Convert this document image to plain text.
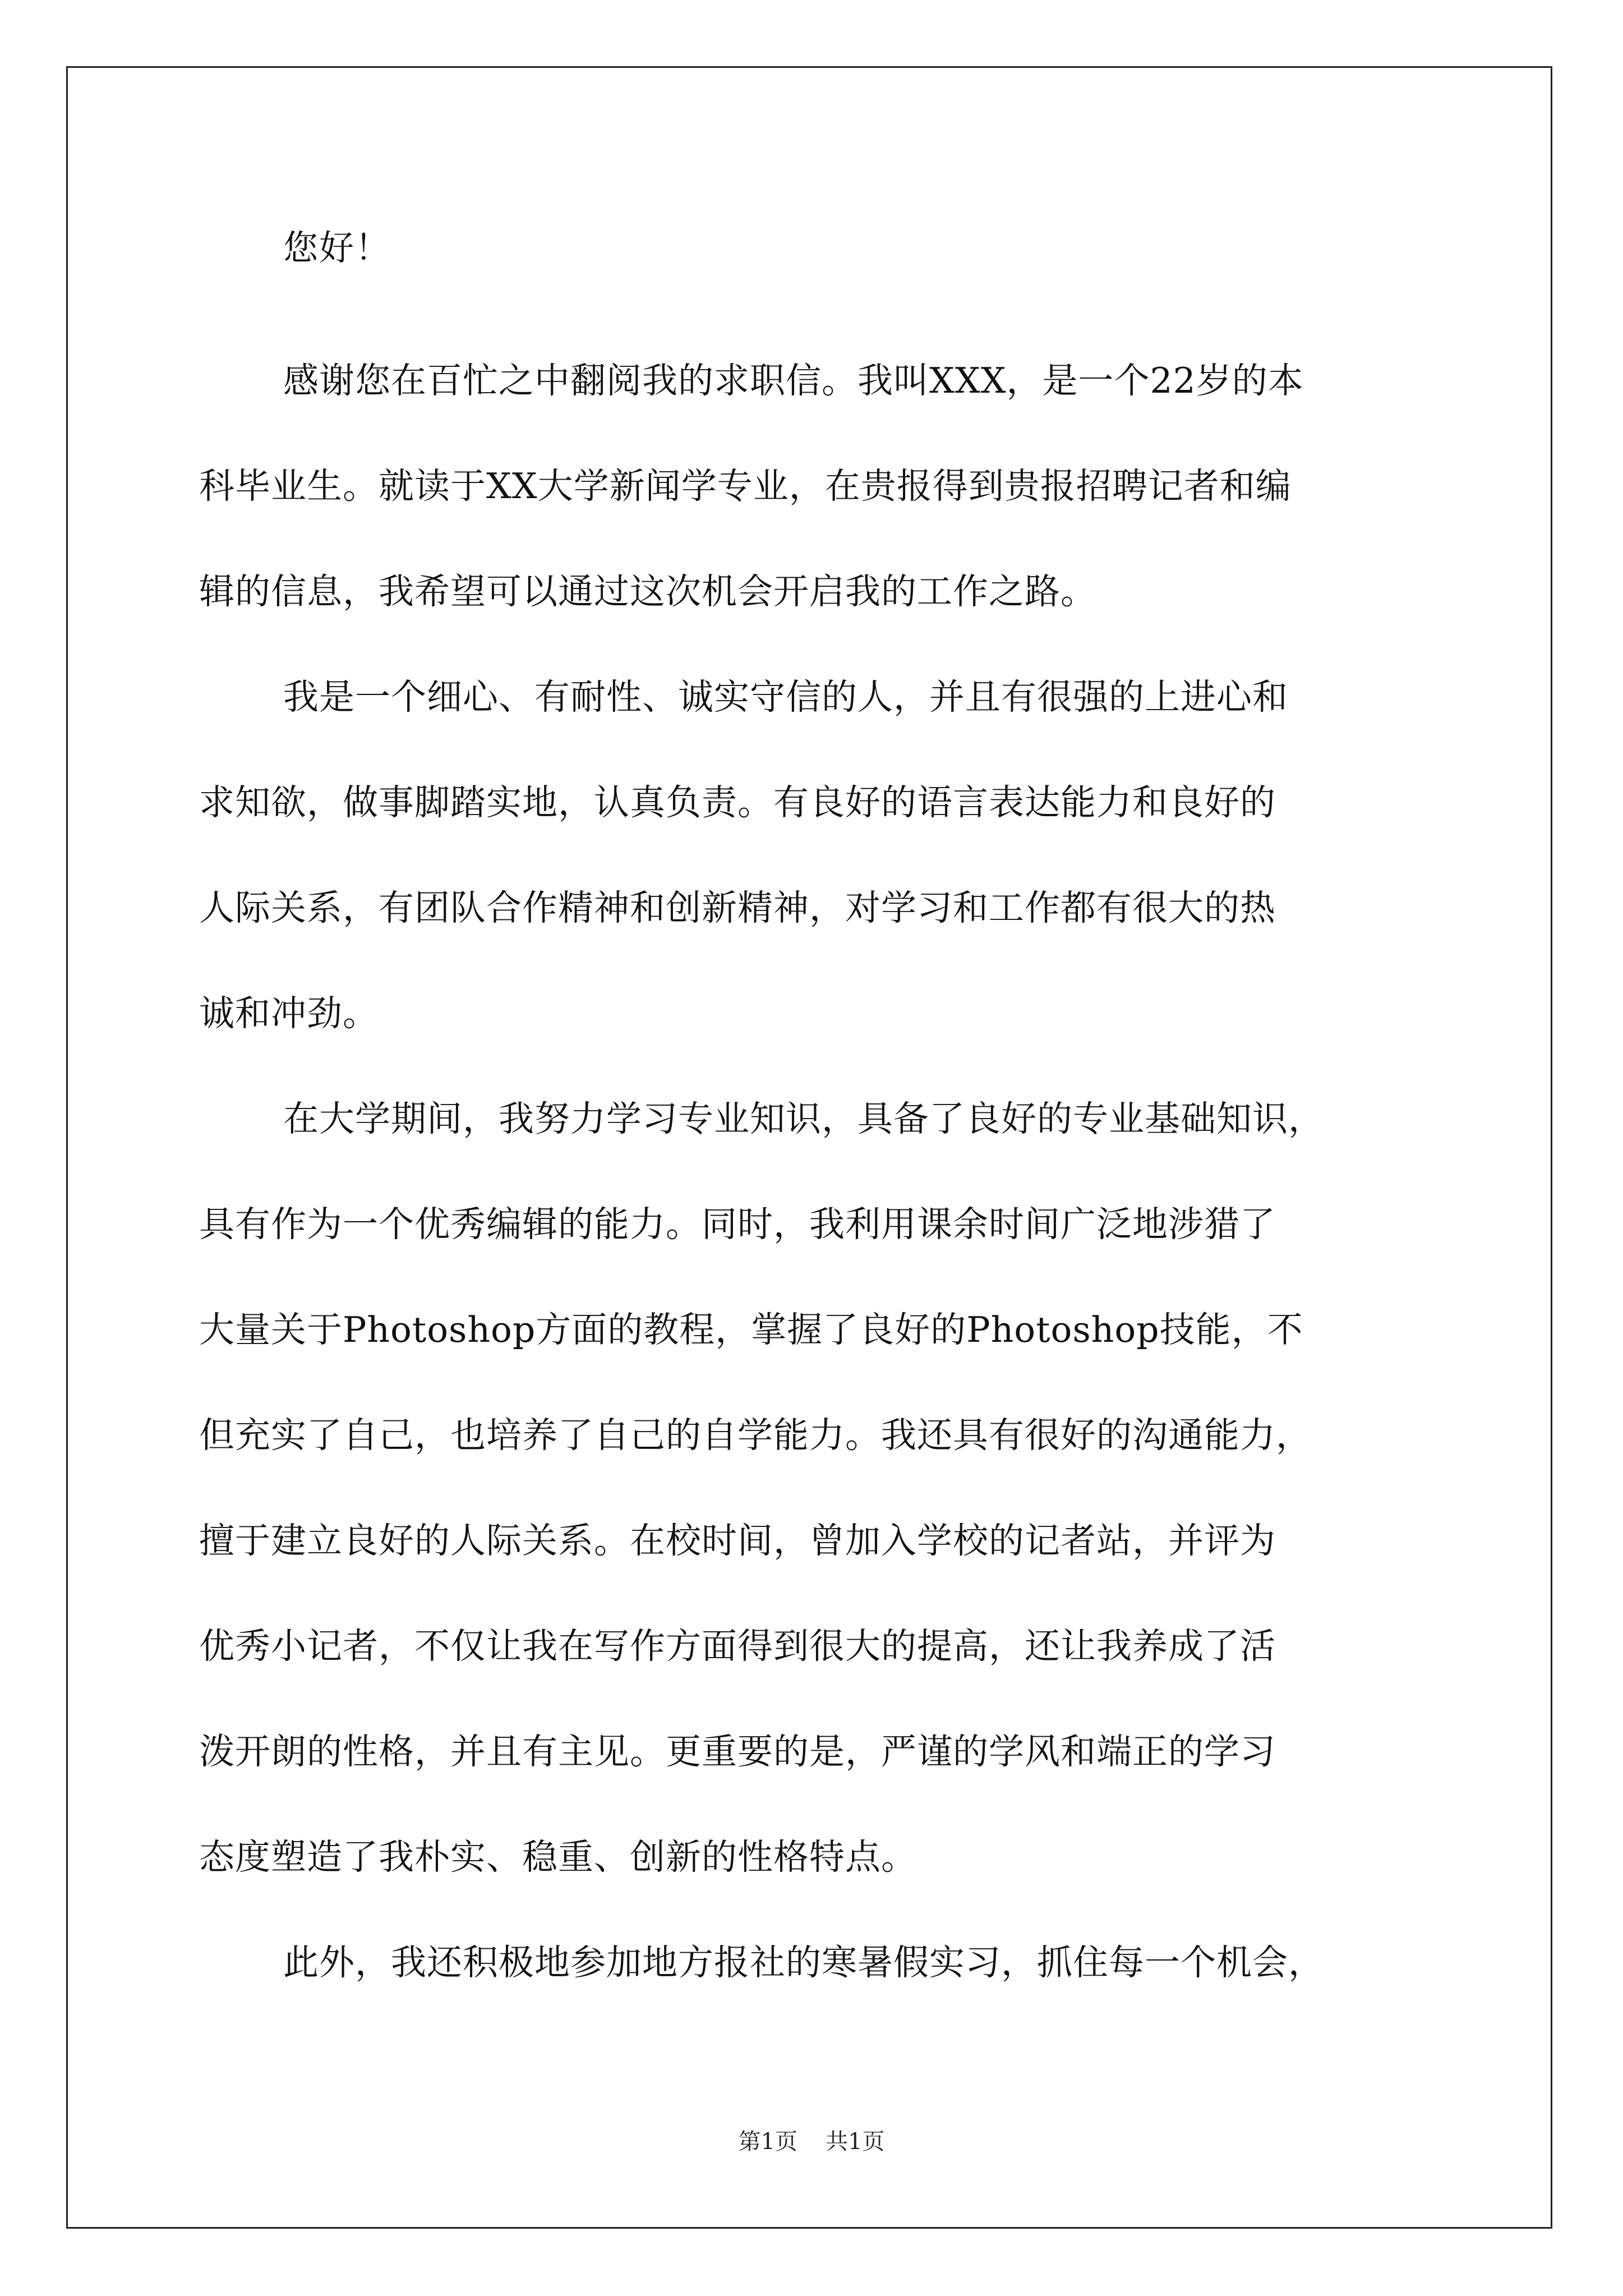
您好！

感谢您在百忙之中翻阅我的求职信。我叫XXX，是一个22岁的本
科毕业生。就读于XX大学新闻学专业，在贵报得到贵报招聘记者和编
辑的信息，我希望可以通过这次机会开启我的工作之路。
我是一个细心、有耐性、诚实守信的人，并且有很强的上进心和
求知欲，做事脚踏实地，认真负责。有良好的语言表达能力和良好的
人际关系，有团队合作精神和创新精神，对学习和工作都有很大的热
诚和冲劲。
在大学期间，我努力学习专业知识，具备了良好的专业基础知识，
具有作为一个优秀编辑的能力。同时，我利用课余时间广泛地涉猎了
大量关于Photoshop方面的教程，掌握了良好的Photoshop技能，不
但充实了自己，也培养了自己的自学能力。我还具有很好的沟通能力，
擅于建立良好的人际关系。在校时间，曾加入学校的记者站，并评为
优秀小记者，不仅让我在写作方面得到很大的提高，还让我养成了活
泼开朗的性格，并且有主见。更重要的是，严谨的学风和端正的学习
态度塑造了我朴实、稳重、创新的性格特点。
此外，我还积极地参加地方报社的寒暑假实习，抓住每一个机会，
第1页 共1页
